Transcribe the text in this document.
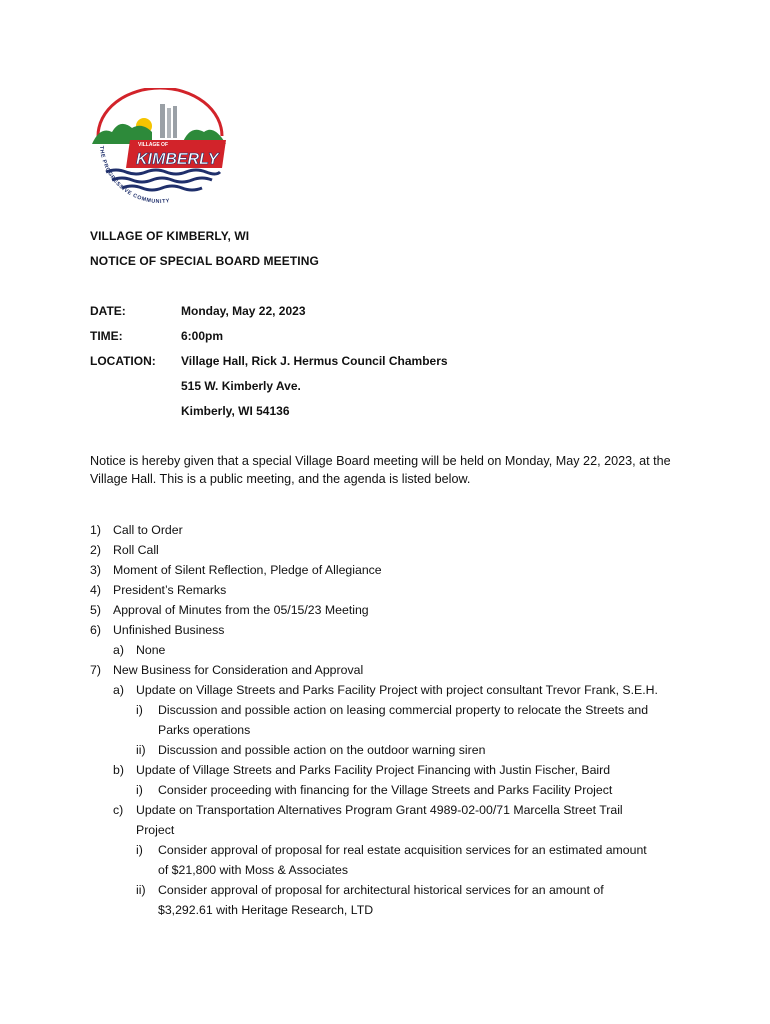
VILLAGE OF
KIMBERLY
THE PROGRESSIVE COMMUNITY
VILLAGE OF KIMBERLY, WI
NOTICE OF SPECIAL BOARD MEETING
DATE:	Monday, May 22, 2023
TIME:	6:00pm
LOCATION: Village Hall, Rick J. Hermus Council Chambers
515 W. Kimberly Ave.
Kimberly, WI 54136
Notice is hereby given that a special Village Board meeting will be held on Monday, May 22, 2023, at the Village Hall. This is a public meeting, and the agenda is listed below.
1) Call to Order
2) Roll Call
3) Moment of Silent Reflection, Pledge of Allegiance
4) President’s Remarks
5) Approval of Minutes from the 05/15/23 Meeting
6) Unfinished Business
a) None
7) New Business for Consideration and Approval
a) Update on Village Streets and Parks Facility Project with project consultant Trevor Frank, S.E.H.
i) Discussion and possible action on leasing commercial property to relocate the Streets and
Parks operations
ii) Discussion and possible action on the outdoor warning siren
b) Update of Village Streets and Parks Facility Project Financing with Justin Fischer, Baird
i) Consider proceeding with financing for the Village Streets and Parks Facility Project
c) Update on Transportation Alternatives Program Grant 4989-02-00/71 Marcella Street Trail
Project
i) Consider approval of proposal for real estate acquisition services for an estimated amount
of $21,800 with Moss & Associates
ii) Consider approval of proposal for architectural historical services for an amount of
$3,292.61 with Heritage Research, LTD
